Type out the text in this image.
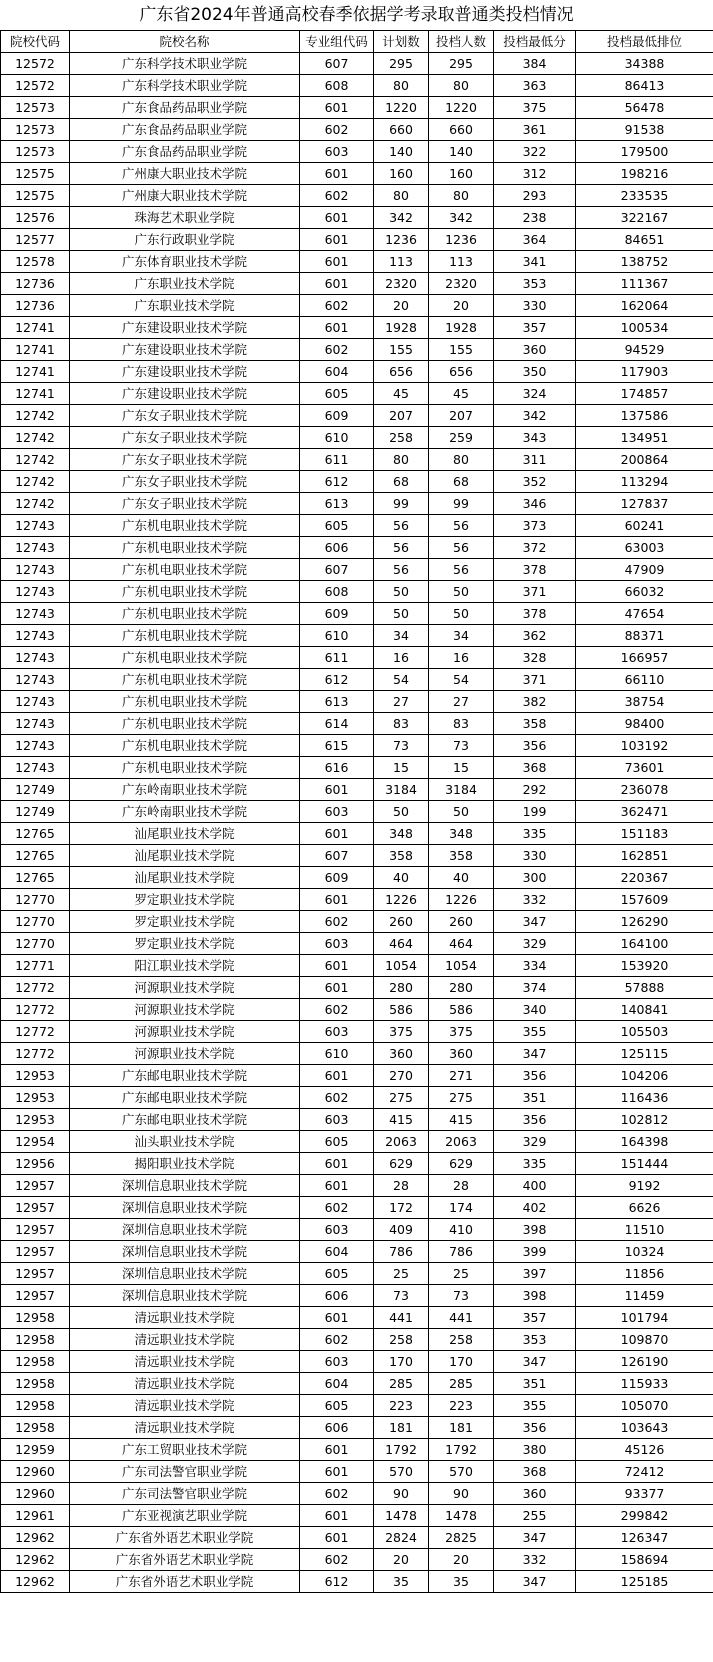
广东省2024年普通高校春季依据学考录取普通类投档情况
院校代码	院校名称	专业组代码	计划数	投档人数	投档最低分	投档最低排位
12572	广东科学技术职业学院	607	295	295	384	34388
12572	广东科学技术职业学院	608	80	80	363	86413
12573	广东食品药品职业学院	601	1220	1220	375	56478
12573	广东食品药品职业学院	602	660	660	361	91538
12573	广东食品药品职业学院	603	140	140	322	179500
12575	广州康大职业技术学院	601	160	160	312	198216
12575	广州康大职业技术学院	602	80	80	293	233535
12576	珠海艺术职业学院	601	342	342	238	322167
12577	广东行政职业学院	601	1236	1236	364	84651
12578	广东体育职业技术学院	601	113	113	341	138752
12736	广东职业技术学院	601	2320	2320	353	111367
12736	广东职业技术学院	602	20	20	330	162064
12741	广东建设职业技术学院	601	1928	1928	357	100534
12741	广东建设职业技术学院	602	155	155	360	94529
12741	广东建设职业技术学院	604	656	656	350	117903
12741	广东建设职业技术学院	605	45	45	324	174857
12742	广东女子职业技术学院	609	207	207	342	137586
12742	广东女子职业技术学院	610	258	259	343	134951
12742	广东女子职业技术学院	611	80	80	311	200864
12742	广东女子职业技术学院	612	68	68	352	113294
12742	广东女子职业技术学院	613	99	99	346	127837
12743	广东机电职业技术学院	605	56	56	373	60241
12743	广东机电职业技术学院	606	56	56	372	63003
12743	广东机电职业技术学院	607	56	56	378	47909
12743	广东机电职业技术学院	608	50	50	371	66032
12743	广东机电职业技术学院	609	50	50	378	47654
12743	广东机电职业技术学院	610	34	34	362	88371
12743	广东机电职业技术学院	611	16	16	328	166957
12743	广东机电职业技术学院	612	54	54	371	66110
12743	广东机电职业技术学院	613	27	27	382	38754
12743	广东机电职业技术学院	614	83	83	358	98400
12743	广东机电职业技术学院	615	73	73	356	103192
12743	广东机电职业技术学院	616	15	15	368	73601
12749	广东岭南职业技术学院	601	3184	3184	292	236078
12749	广东岭南职业技术学院	603	50	50	199	362471
12765	汕尾职业技术学院	601	348	348	335	151183
12765	汕尾职业技术学院	607	358	358	330	162851
12765	汕尾职业技术学院	609	40	40	300	220367
12770	罗定职业技术学院	601	1226	1226	332	157609
12770	罗定职业技术学院	602	260	260	347	126290
12770	罗定职业技术学院	603	464	464	329	164100
12771	阳江职业技术学院	601	1054	1054	334	153920
12772	河源职业技术学院	601	280	280	374	57888
12772	河源职业技术学院	602	586	586	340	140841
12772	河源职业技术学院	603	375	375	355	105503
12772	河源职业技术学院	610	360	360	347	125115
12953	广东邮电职业技术学院	601	270	271	356	104206
12953	广东邮电职业技术学院	602	275	275	351	116436
12953	广东邮电职业技术学院	603	415	415	356	102812
12954	汕头职业技术学院	605	2063	2063	329	164398
12956	揭阳职业技术学院	601	629	629	335	151444
12957	深圳信息职业技术学院	601	28	28	400	9192
12957	深圳信息职业技术学院	602	172	174	402	6626
12957	深圳信息职业技术学院	603	409	410	398	11510
12957	深圳信息职业技术学院	604	786	786	399	10324
12957	深圳信息职业技术学院	605	25	25	397	11856
12957	深圳信息职业技术学院	606	73	73	398	11459
12958	清远职业技术学院	601	441	441	357	101794
12958	清远职业技术学院	602	258	258	353	109870
12958	清远职业技术学院	603	170	170	347	126190
12958	清远职业技术学院	604	285	285	351	115933
12958	清远职业技术学院	605	223	223	355	105070
12958	清远职业技术学院	606	181	181	356	103643
12959	广东工贸职业技术学院	601	1792	1792	380	45126
12960	广东司法警官职业学院	601	570	570	368	72412
12960	广东司法警官职业学院	602	90	90	360	93377
12961	广东亚视演艺职业学院	601	1478	1478	255	299842
12962	广东省外语艺术职业学院	601	2824	2825	347	126347
12962	广东省外语艺术职业学院	602	20	20	332	158694
12962	广东省外语艺术职业学院	612	35	35	347	125185
